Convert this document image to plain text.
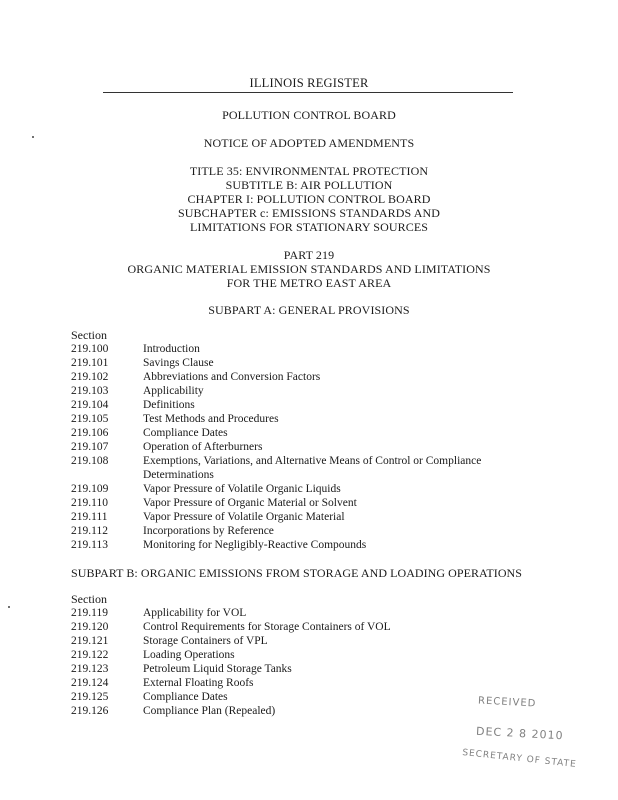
ILLINOIS REGISTER
POLLUTION CONTROL BOARD
NOTICE OF ADOPTED AMENDMENTS
TITLE 35: ENVIRONMENTAL PROTECTION
SUBTITLE B: AIR POLLUTION
CHAPTER I: POLLUTION CONTROL BOARD
SUBCHAPTER c: EMISSIONS STANDARDS AND
LIMITATIONS FOR STATIONARY SOURCES
PART 219
ORGANIC MATERIAL EMISSION STANDARDS AND LIMITATIONS
FOR THE METRO EAST AREA
SUBPART A: GENERAL PROVISIONS
Section
219.100	Introduction
219.101	Savings Clause
219.102	Abbreviations and Conversion Factors
219.103	Applicability
219.104	Definitions
219.105	Test Methods and Procedures
219.106	Compliance Dates
219.107	Operation of Afterburners
219.108	Exemptions, Variations, and Alternative Means of Control or Compliance
Determinations
219.109	Vapor Pressure of Volatile Organic Liquids
219.110	Vapor Pressure of Organic Material or Solvent
219.111	Vapor Pressure of Volatile Organic Material
219.112	Incorporations by Reference
219.113	Monitoring for Negligibly-Reactive Compounds
SUBPART B: ORGANIC EMISSIONS FROM STORAGE AND LOADING OPERATIONS
Section
219.119	Applicability for VOL
219.120	Control Requirements for Storage Containers of VOL
219.121	Storage Containers of VPL
219.122	Loading Operations
219.123	Petroleum Liquid Storage Tanks
219.124	External Floating Roofs
219.125	Compliance Dates
219.126	Compliance Plan (Repealed)
RECEIVED
DEC 2 8 2010
SECRETARY OF STATE
